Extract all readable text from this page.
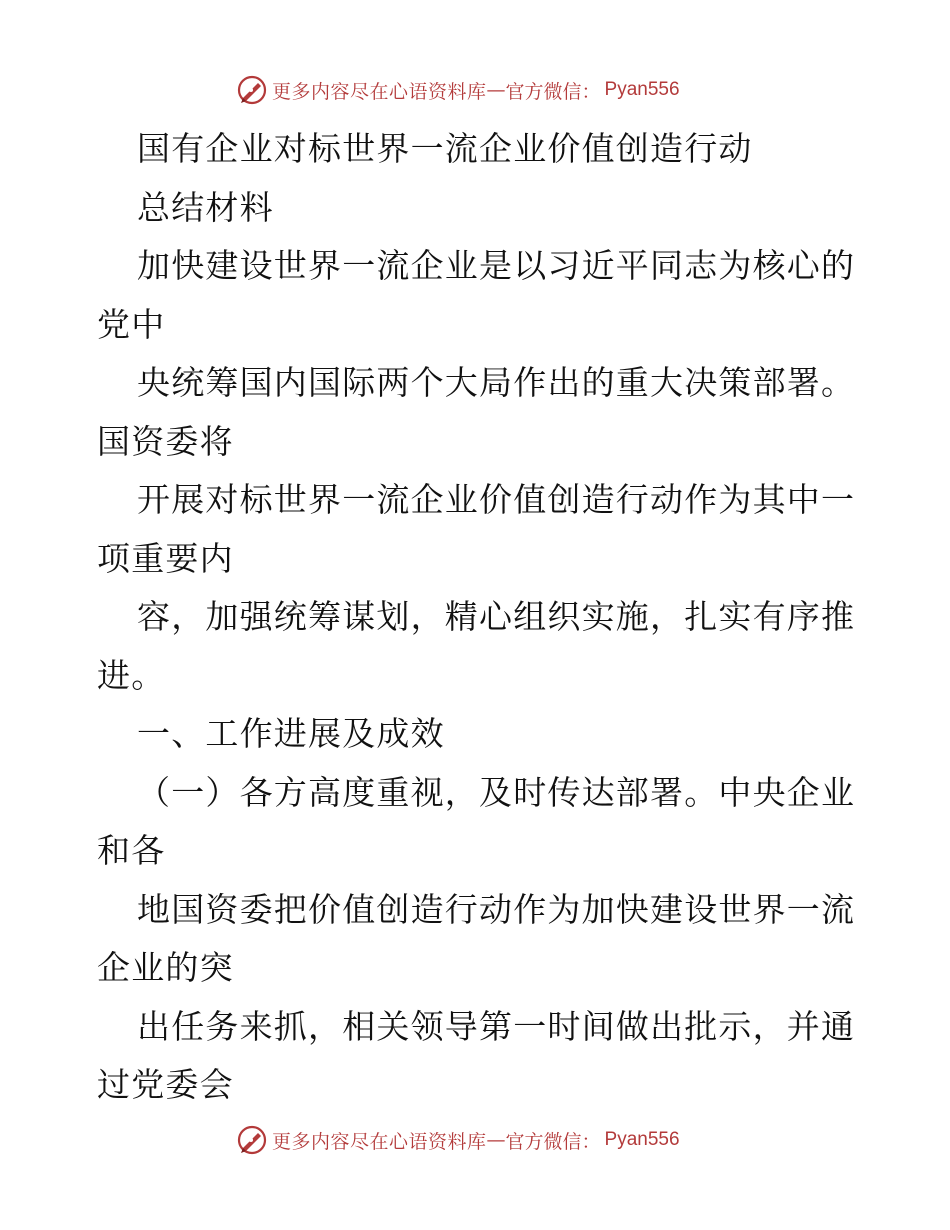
更多内容尽在心语资料库 — 官方微信： Pyan556
国有企业对标世界一流企业价值创造行动
总结材料
加快建设世界一流企业是以习近平同志为核心的
党中
央统筹国内国际两个大局作出的重大决策部署。
国资委将
开展对标世界一流企业价值创造行动作为其中一
项重要内
容，加强统筹谋划，精心组织实施，扎实有序推
进。
一、工作进展及成效
（一）各方高度重视，及时传达部署。中央企业
和各
地国资委把价值创造行动作为加快建设世界一流
企业的突
出任务来抓，相关领导第一时间做出批示，并通
过党委会
更多内容尽在心语资料库 — 官方微信： Pyan556
